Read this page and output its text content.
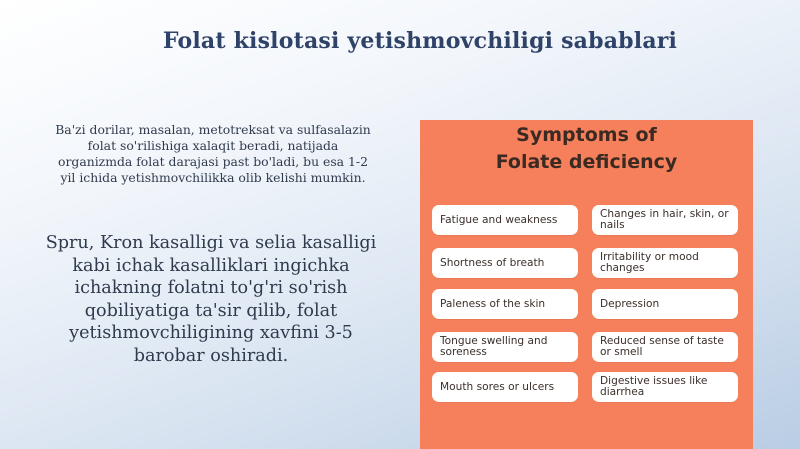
Folat kislotasi yetishmovchiligi sabablari
Ba'zi dorilar, masalan, metotreksat va sulfasalazin folat so'rilishiga xalaqit beradi, natijada organizmda folat darajasi past bo'ladi, bu esa 1-2 yil ichida yetishmovchilikka olib kelishi mumkin.
Spru, Kron kasalligi va selia kasalligi kabi ichak kasalliklari ingichka ichakning folatni to'g'ri so'rish qobiliyatiga ta'sir qilib, folat yetishmovchiligining xavfini 3-5 barobar oshiradi.
Symptoms of
Folate deficiency
Fatigue and weakness	Changes in hair, skin, or nails
Shortness of breath	Irritability or mood changes
Paleness of the skin	Depression
Tongue swelling and soreness
Reduced sense of taste or smell
Mouth sores or ulcers	Digestive issues like diarrhea
